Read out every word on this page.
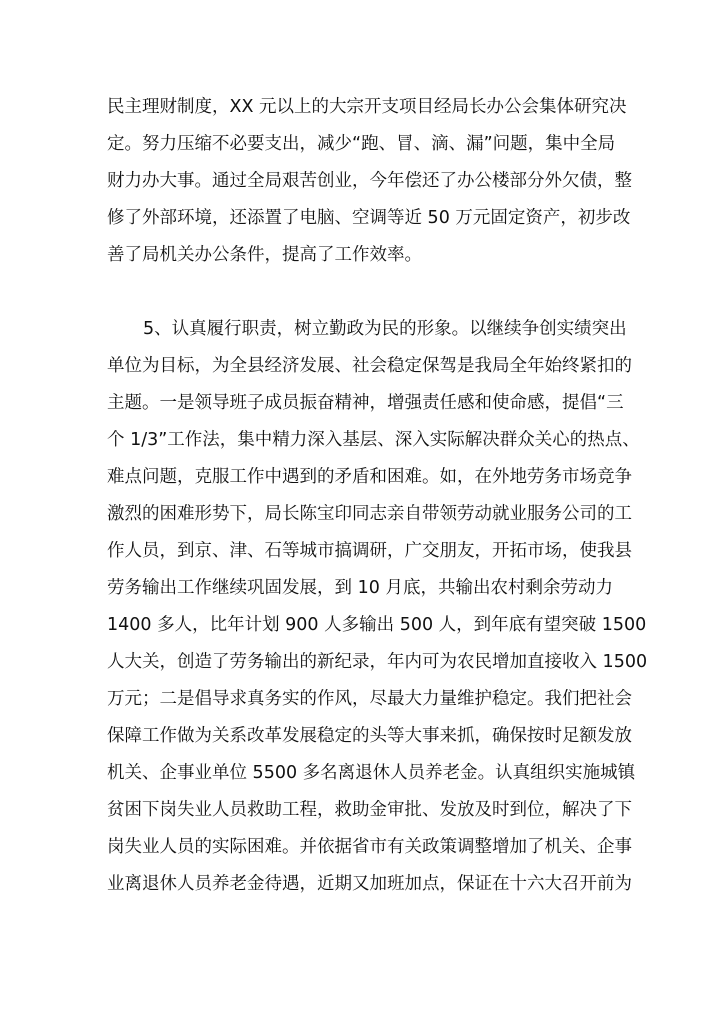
民主理财制度，XX 元以上的大宗开支项目经局长办公会集体研究决
定。努力压缩不必要支出，减少“跑、冒、滴、漏”问题，集中全局
财力办大事。通过全局艰苦创业，今年偿还了办公楼部分外欠债，整
修了外部环境，还添置了电脑、空调等近 50 万元固定资产，初步改
善了局机关办公条件，提高了工作效率。
5、认真履行职责，树立勤政为民的形象。以继续争创实绩突出
单位为目标，为全县经济发展、社会稳定保驾是我局全年始终紧扣的
主题。一是领导班子成员振奋精神，增强责任感和使命感，提倡“三
个 1/3”工作法，集中精力深入基层、深入实际解决群众关心的热点、
难点问题，克服工作中遇到的矛盾和困难。如，在外地劳务市场竞争
激烈的困难形势下，局长陈宝印同志亲自带领劳动就业服务公司的工
作人员，到京、津、石等城市搞调研，广交朋友，开拓市场，使我县
劳务输出工作继续巩固发展，到 10 月底，共输出农村剩余劳动力
1400 多人，比年计划 900 人多输出 500 人，到年底有望突破 1500
人大关，创造了劳务输出的新纪录，年内可为农民增加直接收入 1500
万元；二是倡导求真务实的作风，尽最大力量维护稳定。我们把社会
保障工作做为关系改革发展稳定的头等大事来抓，确保按时足额发放
机关、企事业单位 5500 多名离退休人员养老金。认真组织实施城镇
贫困下岗失业人员救助工程，救助金审批、发放及时到位，解决了下
岗失业人员的实际困难。并依据省市有关政策调整增加了机关、企事
业离退休人员养老金待遇，近期又加班加点，保证在十六大召开前为
